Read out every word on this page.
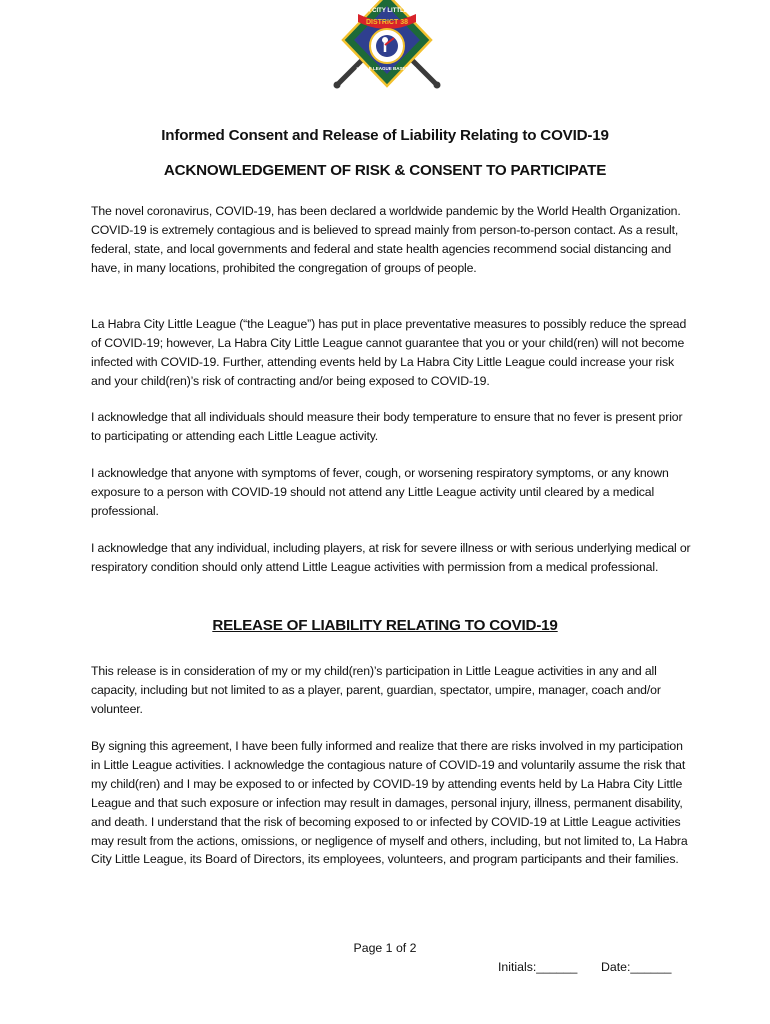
LA HABRA CITY LITTLE LEAGUE
DISTRICT 38
LITTLE LEAGUE BASEBALL
Informed Consent and Release of Liability Relating to COVID-19
ACKNOWLEDGEMENT OF RISK & CONSENT TO PARTICIPATE

The novel coronavirus, COVID-19, has been declared a worldwide pandemic by the World Health Organization. COVID-19 is extremely contagious and is believed to spread mainly from person-to-person contact. As a result, federal, state, and local governments and federal and state health agencies recommend social distancing and have, in many locations, prohibited the congregation of groups of people.

La Habra City Little League (“the League”) has put in place preventative measures to possibly reduce the spread of COVID-19; however, La Habra City Little League cannot guarantee that you or your child(ren) will not become infected with COVID-19. Further, attending events held by La Habra City Little League could increase your risk and your child(ren)’s risk of contracting and/or being exposed to COVID-19.

I acknowledge that all individuals should measure their body temperature to ensure that no fever is present prior to participating or attending each Little League activity.

I acknowledge that anyone with symptoms of fever, cough, or worsening respiratory symptoms, or any known exposure to a person with COVID-19 should not attend any Little League activity until cleared by a medical professional.

I acknowledge that any individual, including players, at risk for severe illness or with serious underlying medical or respiratory condition should only attend Little League activities with permission from a medical professional.

RELEASE OF LIABILITY RELATING TO COVID-19

This release is in consideration of my or my child(ren)’s participation in Little League activities in any and all capacity, including but not limited to as a player, parent, guardian, spectator, umpire, manager, coach and/or volunteer.

By signing this agreement, I have been fully informed and realize that there are risks involved in my participation in Little League activities. I acknowledge the contagious nature of COVID-19 and voluntarily assume the risk that my child(ren) and I may be exposed to or infected by COVID-19 by attending events held by La Habra City Little League and that such exposure or infection may result in damages, personal injury, illness, permanent disability, and death. I understand that the risk of becoming exposed to or infected by COVID-19 at Little League activities may result from the actions, omissions, or negligence of myself and others, including, but not limited to, La Habra City Little League, its Board of Directors, its employees, volunteers, and program participants and their families.

Page 1 of 2
Initials:______ Date:______
